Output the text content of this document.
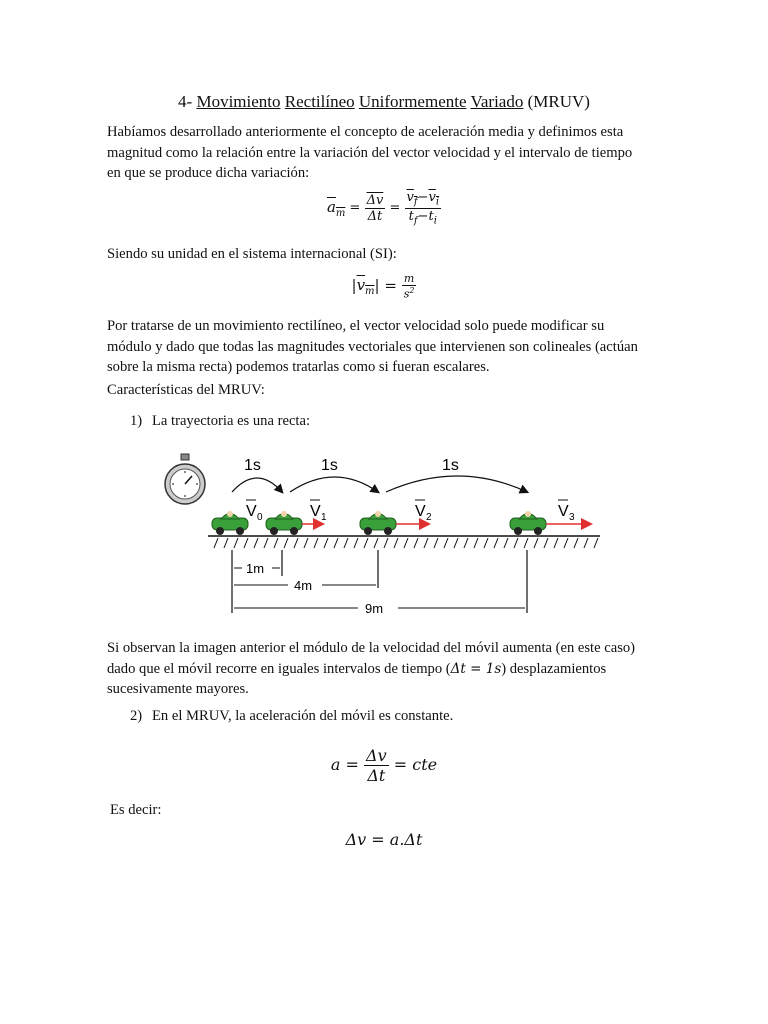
4- Movimiento Rectilíneo Uniformemente Variado (MRUV)
Habíamos desarrollado anteriormente el concepto de aceleración media y definimos esta
magnitud como la relación entre la variación del vector velocidad y el intervalo de tiempo
en que se produce dicha variación:
$a_m = \frac{\overline{\Delta v}}{\Delta t} = \frac{v_f-v_i}{t_f-t_i}$
Siendo su unidad en el sistema internacional (SI):
$|v_m| = \frac{m}{s^2}$
Por tratarse de un movimiento rectilíneo, el vector velocidad solo puede modificar su
módulo y dado que todas las magnitudes vectoriales que intervienen son colineales (actúan
sobre la misma recta) podemos tratarlas como si fueran escalares.
Características del MRUV:
1) La trayectoria es una recta:
1s	1s	1s
V 0	V 1	V 2	V 3
1m
4m
9m
Si observan la imagen anterior el módulo de la velocidad del móvil aumenta (en este caso)
dado que el móvil recorre en iguales intervalos de tiempo (Δt = 1s) desplazamientos
sucesivamente mayores.
2) En el MRUV, la aceleración del móvil es constante.
$a = \frac{\Delta v}{\Delta t}$ = cte
Es decir:
Δv = a.Δt
